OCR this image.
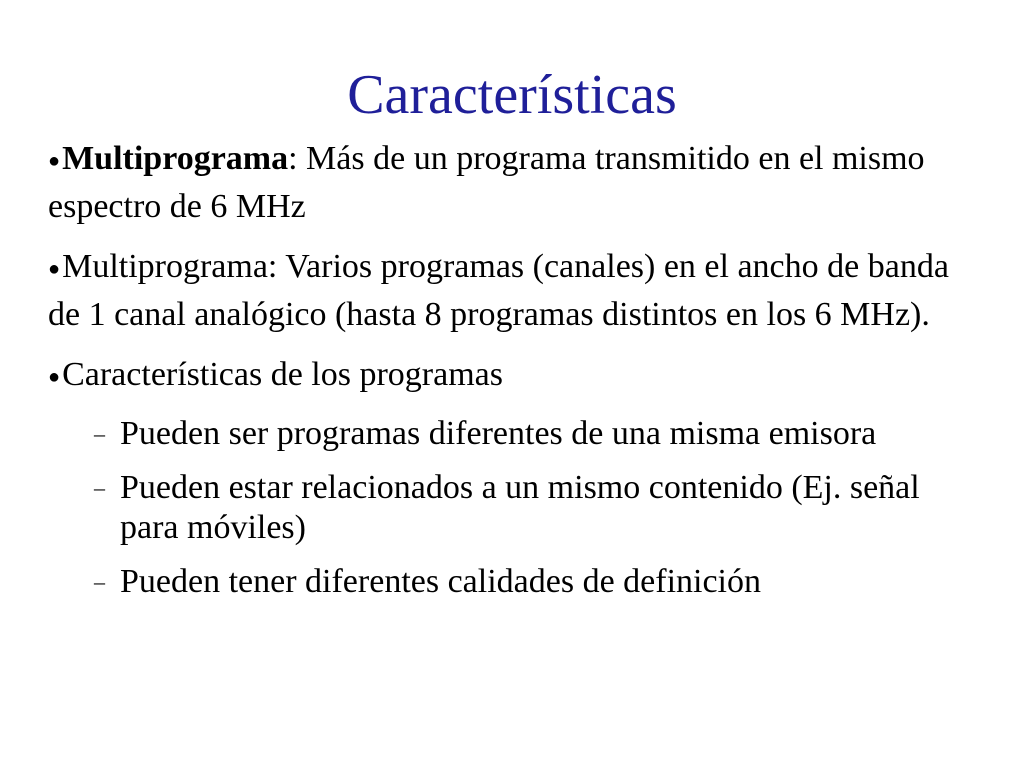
Características
●Multiprograma: Más de un programa transmitido en el mismo espectro de 6 MHz
●Multiprograma: Varios programas (canales) en el ancho de banda de 1 canal analógico (hasta 8 programas distintos en los 6 MHz).
●Características de los programas
– Pueden ser programas diferentes de una misma emisora
– Pueden estar relacionados a un mismo contenido (Ej. señal para móviles)
– Pueden tener diferentes calidades de definición
